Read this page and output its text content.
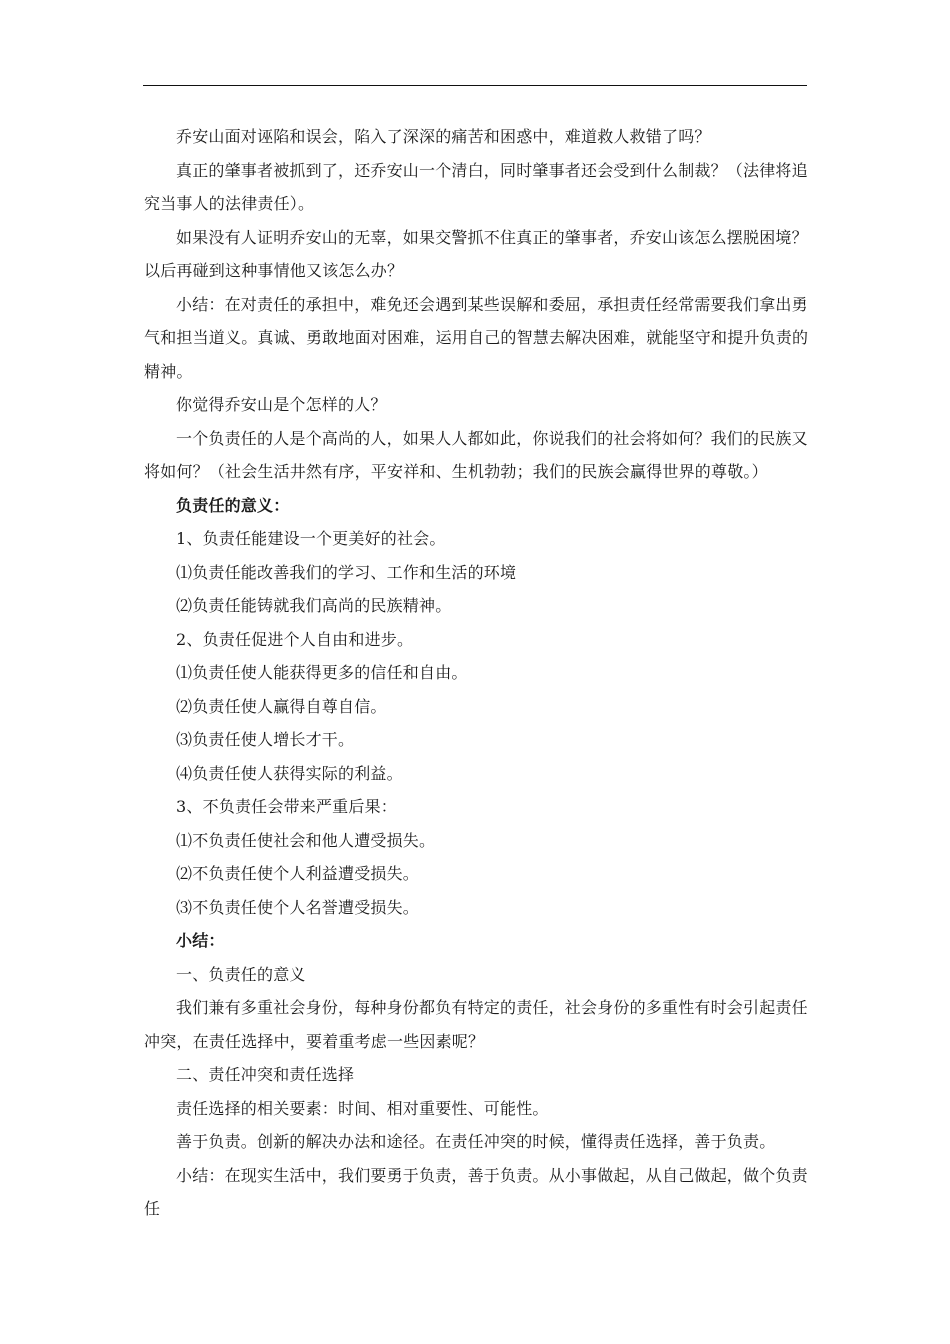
乔安山面对诬陷和误会，陷入了深深的痛苦和困惑中，难道救人救错了吗？

真正的肇事者被抓到了，还乔安山一个清白，同时肇事者还会受到什么制裁？（法律将追究当事人的法律责任）。

如果没有人证明乔安山的无辜，如果交警抓不住真正的肇事者，乔安山该怎么摆脱困境？以后再碰到这种事情他又该怎么办？

小结：在对责任的承担中，难免还会遇到某些误解和委屈，承担责任经常需要我们拿出勇气和担当道义。真诚、勇敢地面对困难，运用自己的智慧去解决困难，就能坚守和提升负责的精神。

你觉得乔安山是个怎样的人？

一个负责任的人是个高尚的人，如果人人都如此，你说我们的社会将如何？我们的民族又将如何？（社会生活井然有序，平安祥和、生机勃勃；我们的民族会赢得世界的尊敬。）

负责任的意义：

1、负责任能建设一个更美好的社会。

⑴负责任能改善我们的学习、工作和生活的环境

⑵负责任能铸就我们高尚的民族精神。

2、负责任促进个人自由和进步。

⑴负责任使人能获得更多的信任和自由。

⑵负责任使人赢得自尊自信。

⑶负责任使人增长才干。

⑷负责任使人获得实际的利益。

3、不负责任会带来严重后果：

⑴不负责任使社会和他人遭受损失。

⑵不负责任使个人利益遭受损失。

⑶不负责任使个人名誉遭受损失。

小结：

一、负责任的意义

我们兼有多重社会身份，每种身份都负有特定的责任，社会身份的多重性有时会引起责任冲突，在责任选择中，要着重考虑一些因素呢？

二、责任冲突和责任选择

责任选择的相关要素：时间、相对重要性、可能性。

善于负责。创新的解决办法和途径。在责任冲突的时候，懂得责任选择，善于负责。

小结：在现实生活中，我们要勇于负责，善于负责。从小事做起，从自己做起，做个负责任
